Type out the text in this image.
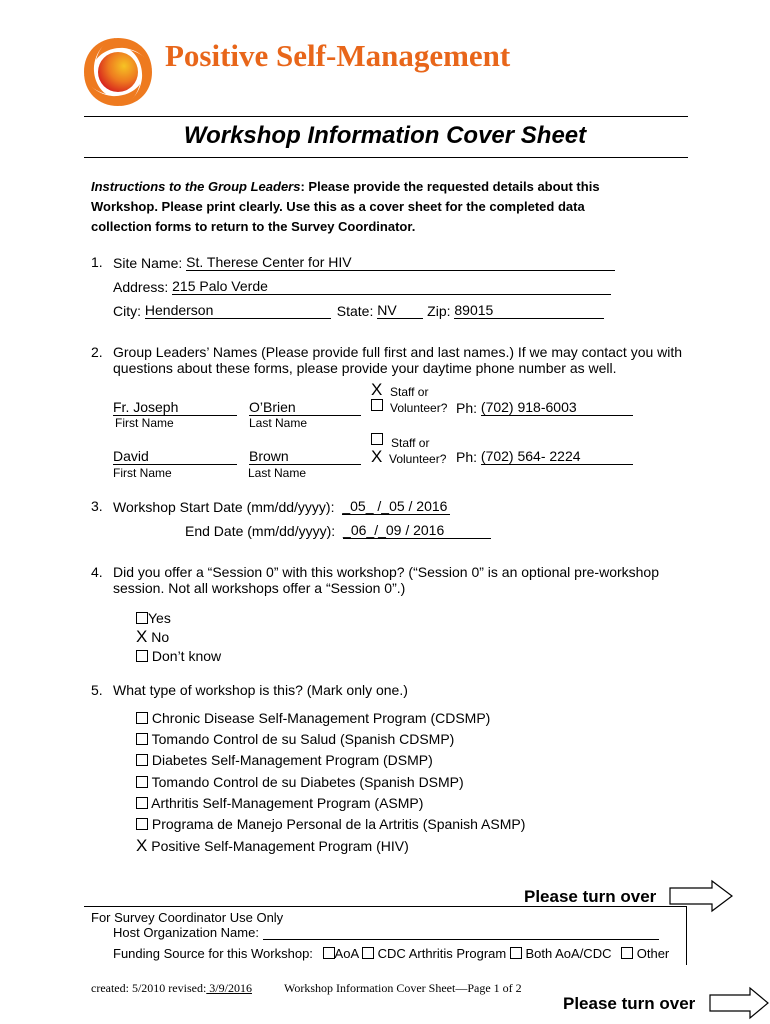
Positive Self-Management
Workshop Information Cover Sheet
Instructions to the Group Leaders: Please provide the requested details about this
Workshop. Please print clearly. Use this as a cover sheet for the completed data
collection forms to return to the Survey Coordinator.
1. Site Name: St. Therese Center for HIV
Address: 215 Palo Verde
City: Henderson	State: NV Zip: 89015
2. Group Leaders’ Names (Please provide full first and last names.) If we may contact you with
questions about these forms, please provide your daytime phone number as well.
X Staff or
Fr. Joseph	O’Brien	Volunteer? Ph: (702) 918-6003
First Name	Last Name
Staff or
David	Brown	X Volunteer? Ph: (702) 564- 2224
First Name	Last Name
3. Workshop Start Date (mm/dd/yyyy): _05_ /_05 / 2016
End Date (mm/dd/yyyy): _06_/_09 / 2016
4. Did you offer a “Session 0” with this workshop? (“Session 0” is an optional pre-workshop
session. Not all workshops offer a “Session 0”.)
Yes
X No
Don’t know
5. What type of workshop is this? (Mark only one.)
Chronic Disease Self-Management Program (CDSMP)
Tomando Control de su Salud (Spanish CDSMP)
Diabetes Self-Management Program (DSMP)
Tomando Control de su Diabetes (Spanish DSMP)
Arthritis Self-Management Program (ASMP)
Programa de Manejo Personal de la Artritis (Spanish ASMP)
X Positive Self-Management Program (HIV)
Please turn over
For Survey Coordinator Use Only
Host Organization Name:
Funding Source for this Workshop: AoA CDC Arthritis Program Both AoA/CDC Other
created: 5/2010 revised: 3/9/2016	Workshop Information Cover Sheet—Page 1 of 2
Please turn over
